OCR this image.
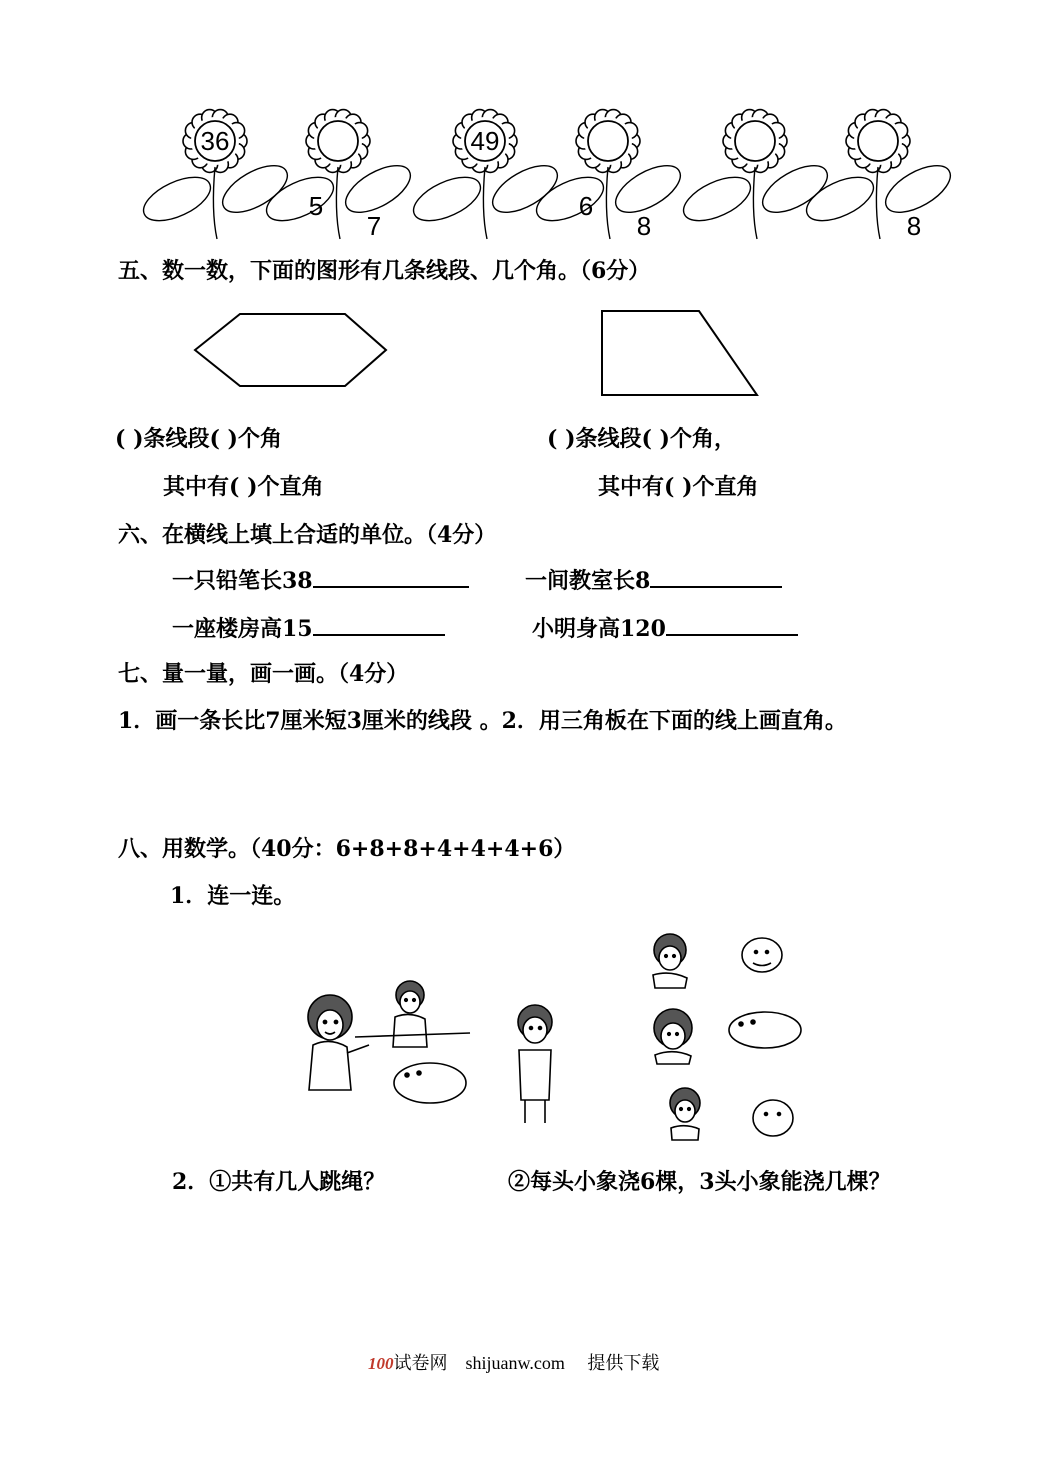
36
5
7
49
6
8	8
五、数一数，下面的图形有几条线段、几个角。（6分）
( )条线段( )个角
其中有( )个直角
( )条线段( )个角，
其中有( )个直角
六、在横线上填上合适的单位。（4分）
一只铅笔长38	一间教室长8
一座楼房高15	小明身高120
七、量一量，画一画。（4分）
1．画一条长比7厘米短3厘米的线段 。2．用三角板在下面的线上画直角。
八、用数学。（40分：6+8+8+4+4+4+6）
1．连一连。
2．①共有几人跳绳？	②每头小象浇6棵，3头小象能浇几棵？
100试卷网 shijuanw.com 提供下载
